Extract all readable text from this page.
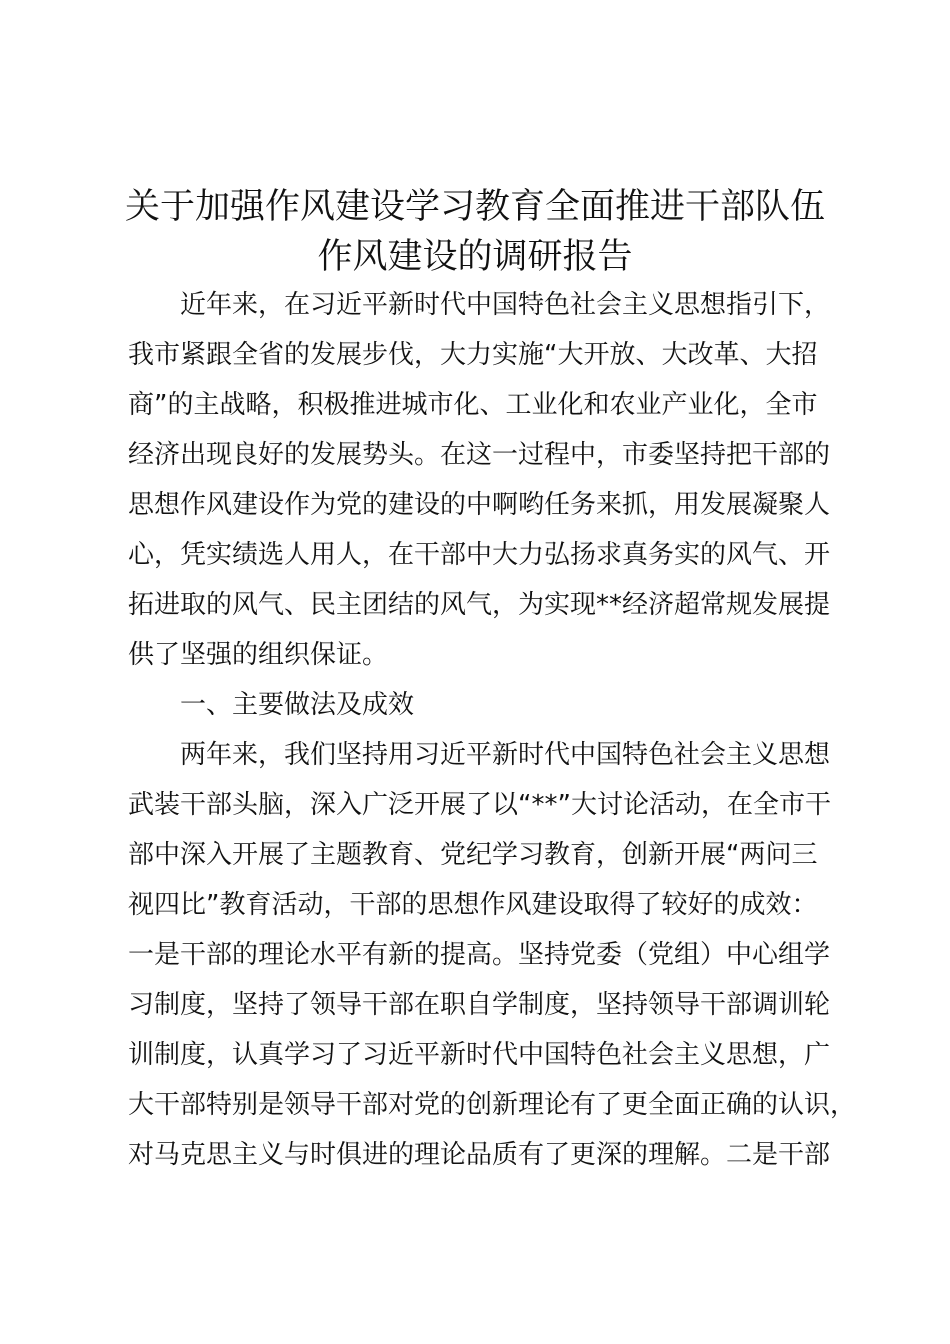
关于加强作风建设学习教育全面推进干部队伍
作风建设的调研报告
近年来，在习近平新时代中国特色社会主义思想指引下，
我市紧跟全省的发展步伐，大力实施“大开放、大改革、大招
商”的主战略，积极推进城市化、工业化和农业产业化，全市
经济出现良好的发展势头。在这一过程中，市委坚持把干部的
思想作风建设作为党的建设的中啊哟任务来抓，用发展凝聚人
心，凭实绩选人用人，在干部中大力弘扬求真务实的风气、开
拓进取的风气、民主团结的风气，为实现**经济超常规发展提
供了坚强的组织保证。
一、主要做法及成效
两年来，我们坚持用习近平新时代中国特色社会主义思想
武装干部头脑，深入广泛开展了以“**”大讨论活动，在全市干
部中深入开展了主题教育、党纪学习教育，创新开展“两问三
视四比”教育活动，干部的思想作风建设取得了较好的成效：
一是干部的理论水平有新的提高。坚持党委（党组）中心组学
习制度，坚持了领导干部在职自学制度，坚持领导干部调训轮
训制度，认真学习了习近平新时代中国特色社会主义思想，广
大干部特别是领导干部对党的创新理论有了更全面正确的认识，
对马克思主义与时俱进的理论品质有了更深的理解。二是干部
